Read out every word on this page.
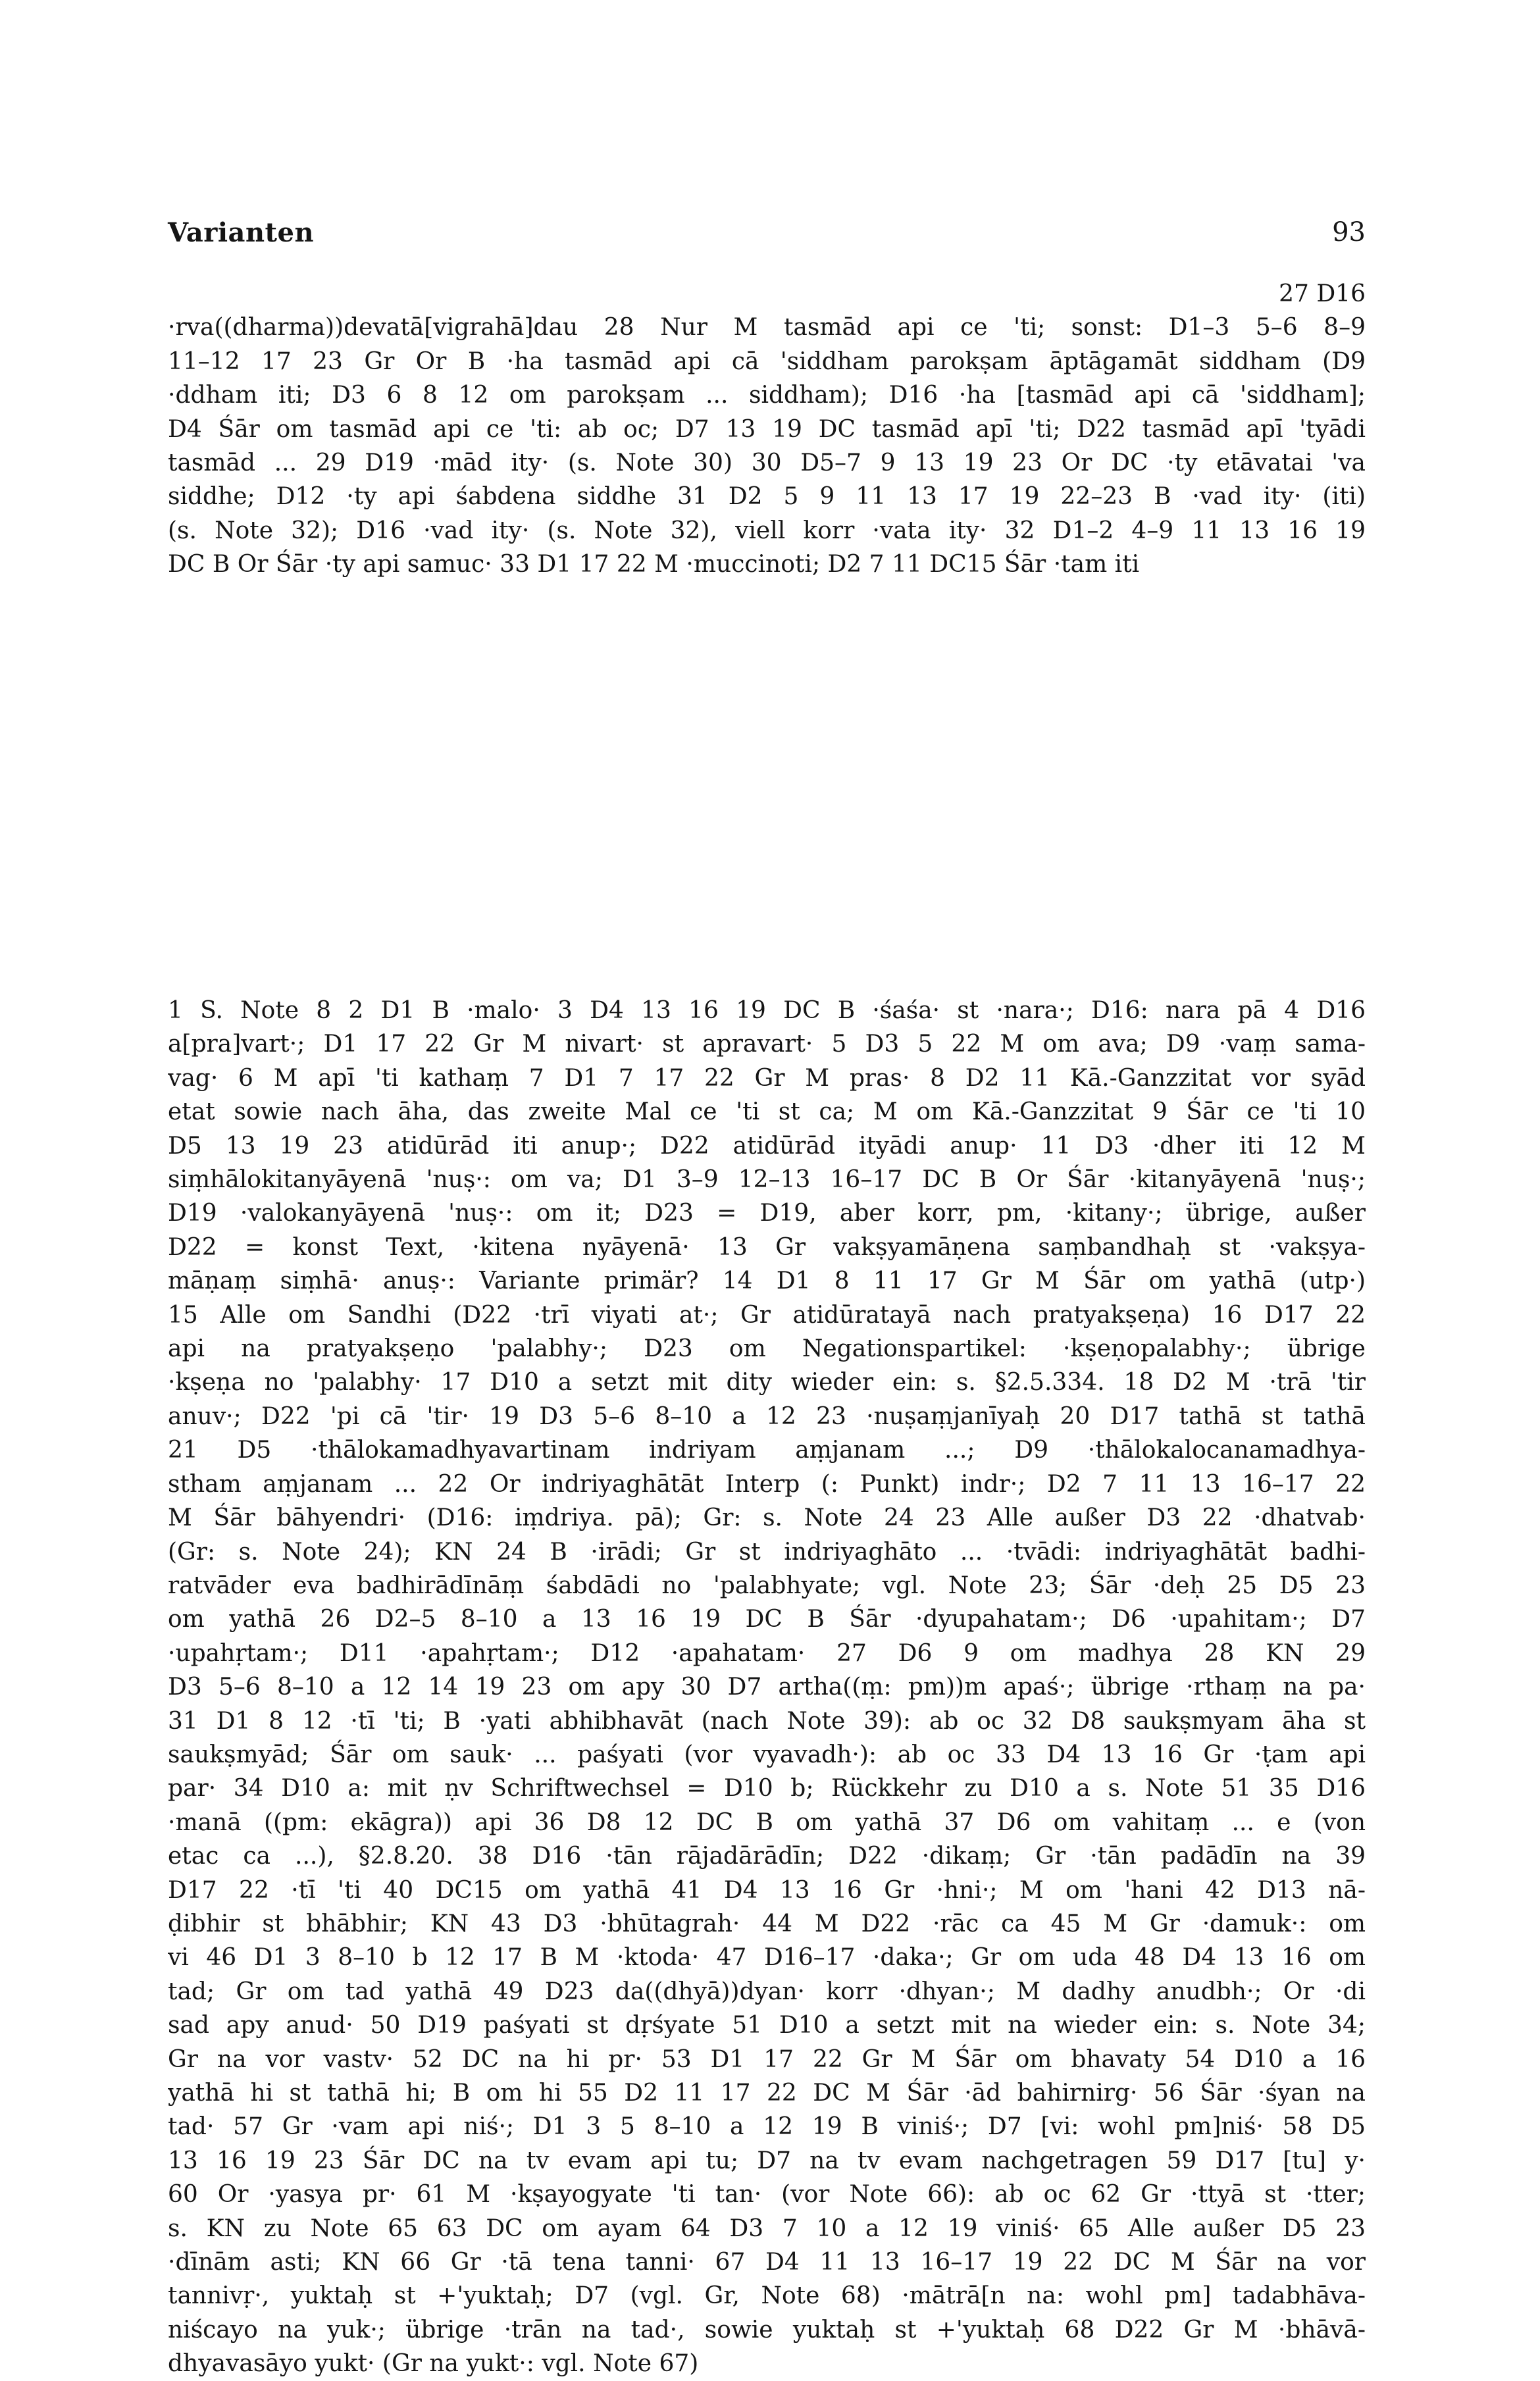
Varianten	93
27 D16
·rva((dharma))devatā[vigrahā]dau 28 Nur M tasmād api ce 'ti; sonst: D1–3 5–6 8–9
11–12 17 23 Gr Or B ·ha tasmād api cā 'siddham parokṣam āptāgamāt siddham (D9
·ddham iti; D3 6 8 12 om parokṣam ... siddham); D16 ·ha [tasmād api cā 'siddham];
D4 Śār om tasmād api ce 'ti: ab oc; D7 13 19 DC tasmād apī 'ti; D22 tasmād apī 'tyādi
tasmād ... 29 D19 ·mād ity· (s. Note 30) 30 D5–7 9 13 19 23 Or DC ·ty etāvatai 'va
siddhe; D12 ·ty api śabdena siddhe 31 D2 5 9 11 13 17 19 22–23 B ·vad ity· (iti)
(s. Note 32); D16 ·vad ity· (s. Note 32), viell korr ·vata ity· 32 D1–2 4–9 11 13 16 19
DC B Or Śār ·ty api samuc· 33 D1 17 22 M ·muccinoti; D2 7 11 DC15 Śār ·tam iti
1 S. Note 8 2 D1 B ·malo· 3 D4 13 16 19 DC B ·śaśa· st ·nara·; D16: nara pā 4 D16
a[pra]vart·; D1 17 22 Gr M nivart· st apravart· 5 D3 5 22 M om ava; D9 ·vaṃ sama-
vag· 6 M apī 'ti kathaṃ 7 D1 7 17 22 Gr M pras· 8 D2 11 Kā.-Ganzzitat vor syād
etat sowie nach āha, das zweite Mal ce 'ti st ca; M om Kā.-Ganzzitat 9 Śār ce 'ti 10
D5 13 19 23 atidūrād iti anup·; D22 atidūrād ityādi anup· 11 D3 ·dher iti 12 M
siṃhālokitanyāyenā 'nuṣ·: om va; D1 3–9 12–13 16–17 DC B Or Śār ·kitanyāyenā 'nuṣ·;
D19 ·valokanyāyenā 'nuṣ·: om it; D23 = D19, aber korr, pm, ·kitany·; übrige, außer
D22 = konst Text, ·kitena nyāyenā· 13 Gr vakṣyamāṇena saṃbandhaḥ st ·vakṣya-
māṇaṃ siṃhā· anuṣ·: Variante primär? 14 D1 8 11 17 Gr M Śār om yathā (utp·)
15 Alle om Sandhi (D22 ·trī viyati at·; Gr atidūratayā nach pratyakṣeṇa) 16 D17 22
api na pratyakṣeṇo 'palabhy·; D23 om Negationspartikel: ·kṣeṇopalabhy·; übrige
·kṣeṇa no 'palabhy· 17 D10 a setzt mit dity wieder ein: s. §2.5.334. 18 D2 M ·trā 'tir
anuv·; D22 'pi cā 'tir· 19 D3 5–6 8–10 a 12 23 ·nuṣaṃjanīyaḥ 20 D17 tathā st tathā
21 D5 ·thālokamadhyavartinam indriyam aṃjanam ...; D9 ·thālokalocanamadhya-
stham aṃjanam ... 22 Or indriyaghātāt Interp (: Punkt) indr·; D2 7 11 13 16–17 22
M Śār bāhyendri· (D16: iṃdriya. pā); Gr: s. Note 24 23 Alle außer D3 22 ·dhatvab·
(Gr: s. Note 24); KN 24 B ·irādi; Gr st indriyaghāto ... ·tvādi: indriyaghātāt badhi-
ratvāder eva badhirādīnāṃ śabdādi no 'palabhyate; vgl. Note 23; Śār ·deḥ 25 D5 23
om yathā 26 D2–5 8–10 a 13 16 19 DC B Śār ·dyupahatam·; D6 ·upahitam·; D7
·upahṛtam·; D11 ·apahṛtam·; D12 ·apahatam· 27 D6 9 om madhya 28 KN 29
D3 5–6 8–10 a 12 14 19 23 om apy 30 D7 artha((ṃ: pm))m apaś·; übrige ·rthaṃ na pa·
31 D1 8 12 ·tī 'ti; B ·yati abhibhavāt (nach Note 39): ab oc 32 D8 saukṣmyam āha st
saukṣmyād; Śār om sauk· ... paśyati (vor vyavadh·): ab oc 33 D4 13 16 Gr ·ṭam api
par· 34 D10 a: mit ṇv Schriftwechsel = D10 b; Rückkehr zu D10 a s. Note 51 35 D16
·manā ((pm: ekāgra)) api 36 D8 12 DC B om yathā 37 D6 om vahitaṃ ... e (von
etac ca ...), §2.8.20. 38 D16 ·tān rājadārādīn; D22 ·dikaṃ; Gr ·tān padādīn na 39
D17 22 ·tī 'ti 40 DC15 om yathā 41 D4 13 16 Gr ·hni·; M om 'hani 42 D13 nā-
ḍibhir st bhābhir; KN 43 D3 ·bhūtagrah· 44 M D22 ·rāc ca 45 M Gr ·damuk·: om
vi 46 D1 3 8–10 b 12 17 B M ·ktoda· 47 D16–17 ·daka·; Gr om uda 48 D4 13 16 om
tad; Gr om tad yathā 49 D23 da((dhyā))dyan· korr ·dhyan·; M dadhy anudbh·; Or ·di
sad apy anud· 50 D19 paśyati st dṛśyate 51 D10 a setzt mit na wieder ein: s. Note 34;
Gr na vor vastv· 52 DC na hi pr· 53 D1 17 22 Gr M Śār om bhavaty 54 D10 a 16
yathā hi st tathā hi; B om hi 55 D2 11 17 22 DC M Śār ·ād bahirnirg· 56 Śār ·śyan na
tad· 57 Gr ·vam api niś·; D1 3 5 8–10 a 12 19 B viniś·; D7 [vi: wohl pm]niś· 58 D5
13 16 19 23 Śār DC na tv evam api tu; D7 na tv evam nachgetragen 59 D17 [tu] y·
60 Or ·yasya pr· 61 M ·kṣayogyate 'ti tan· (vor Note 66): ab oc 62 Gr ·ttyā st ·tter;
s. KN zu Note 65 63 DC om ayam 64 D3 7 10 a 12 19 viniś· 65 Alle außer D5 23
·dīnām asti; KN 66 Gr ·tā tena tanni· 67 D4 11 13 16–17 19 22 DC M Śār na vor
tannivṛ·, yuktaḥ st +'yuktaḥ; D7 (vgl. Gr, Note 68) ·mātrā[n na: wohl pm] tadabhāva-
niścayo na yuk·; übrige ·trān na tad·, sowie yuktaḥ st +'yuktaḥ 68 D22 Gr M ·bhāvā-
dhyavasāyo yukt· (Gr na yukt·: vgl. Note 67)
